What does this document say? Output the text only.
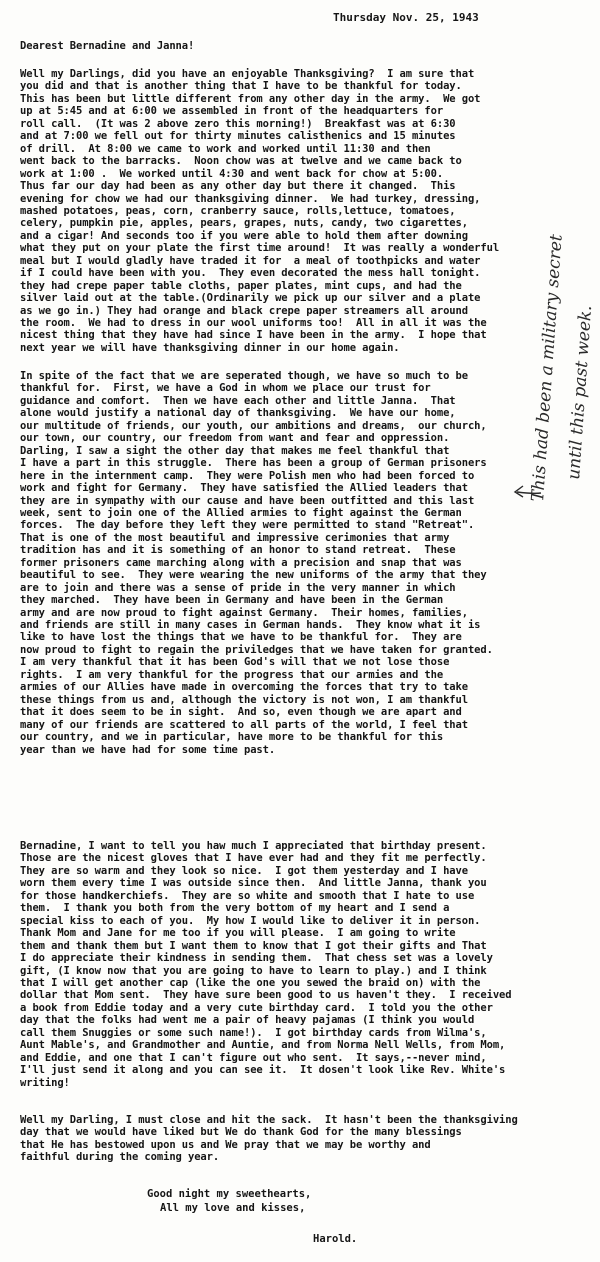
Thursday Nov. 25, 1943
Dearest Bernadine and Janna!
Well my Darlings, did you have an enjoyable Thanksgiving?  I am sure that
you did and that is another thing that I have to be thankful for today.
This has been but little different from any other day in the army.  We got
up at 5:45 and at 6:00 we assembled in front of the headquarters for
roll call.  (It was 2 above zero this morning!)  Breakfast was at 6:30
and at 7:00 we fell out for thirty minutes calisthenics and 15 minutes
of drill.  At 8:00 we came to work and worked until 11:30 and then
went back to the barracks.  Noon chow was at twelve and we came back to
work at 1:00 .  We worked until 4:30 and went back for chow at 5:00.
Thus far our day had been as any other day but there it changed.  This
evening for chow we had our thanksgiving dinner.  We had turkey, dressing,
mashed potatoes, peas, corn, cranberry sauce, rolls,lettuce, tomatoes,
celery, pumpkin pie, apples, pears, grapes, nuts, candy, two cigarettes,
and a cigar! And seconds too if you were able to hold them after downing
what they put on your plate the first time around!  It was really a wonderful
meal but I would gladly have traded it for  a meal of toothpicks and water
if I could have been with you.  They even decorated the mess hall tonight.
they had crepe paper table cloths, paper plates, mint cups, and had the
silver laid out at the table.(Ordinarily we pick up our silver and a plate
as we go in.) They had orange and black crepe paper streamers all around
the room.  We had to dress in our wool uniforms too!  All in all it was the
nicest thing that they have had since I have been in the army.  I hope that
next year we will have thanksgiving dinner in our home again.
In spite of the fact that we are seperated though, we have so much to be
thankful for.  First, we have a God in whom we place our trust for
guidance and comfort.  Then we have each other and little Janna.  That
alone would justify a national day of thanksgiving.  We have our home,
our multitude of friends, our youth, our ambitions and dreams,  our church,
our town, our country, our freedom from want and fear and oppression.
Darling, I saw a sight the other day that makes me feel thankful that
I have a part in this struggle.  There has been a group of German prisoners
here in the internment camp.  They were Polish men who had been forced to
work and fight for Germany.  They have satisfied the Allied leaders that
they are in sympathy with our cause and have been outfitted and this last
week, sent to join one of the Allied armies to fight against the German
forces.  The day before they left they were permitted to stand "Retreat".
That is one of the most beautiful and impressive cerimonies that army
tradition has and it is something of an honor to stand retreat.  These
former prisoners came marching along with a precision and snap that was
beautiful to see.  They were wearing the new uniforms of the army that they
are to join and there was a sense of pride in the very manner in which
they marched.  They have been in Germany and have been in the German
army and are now proud to fight against Germany.  Their homes, families,
and friends are still in many cases in German hands.  They know what it is
like to have lost the things that we have to be thankful for.  They are
now proud to fight to regain the priviledges that we have taken for granted.
I am very thankful that it has been God's will that we not lose those
rights.  I am very thankful for the progress that our armies and the
armies of our Allies have made in overcoming the forces that try to take
these things from us and, although the victory is not won, I am thankful
that it does seem to be in sight.  And so, even though we are apart and
many of our friends are scattered to all parts of the world, I feel that
our country, and we in particular, have more to be thankful for this
year than we have had for some time past.
Bernadine, I want to tell you haw much I appreciated that birthday present.
Those are the nicest gloves that I have ever had and they fit me perfectly.
They are so warm and they look so nice.  I got them yesterday and I have
worn them every time I was outside since then.  And little Janna, thank you
for those handkerchiefs.  They are so white and smooth that I hate to use
them.  I thank you both from the very bottom of my heart and I send a
special kiss to each of you.  My how I would like to deliver it in person.
Thank Mom and Jane for me too if you will please.  I am going to write
them and thank them but I want them to know that I got their gifts and That
I do appreciate their kindness in sending them.  That chess set was a lovely
gift, (I know now that you are going to have to learn to play.) and I think
that I will get another cap (like the one you sewed the braid on) with the
dollar that Mom sent.  They have sure been good to us haven't they.  I received
a book from Eddie today and a very cute birthday card.  I told you the other
day that the folks had went me a pair of heavy pajamas (I think you would
call them Snuggies or some such name!).  I got birthday cards from Wilma's,
Aunt Mable's, and Grandmother and Auntie, and from Norma Nell Wells, from Mom,
and Eddie, and one that I can't figure out who sent.  It says,--never mind,
I'll just send it along and you can see it.  It dosen't look like Rev. White's
writing!
Well my Darling, I must close and hit the sack.  It hasn't been the thanksgiving
day that we would have liked but We do thank God for the many blessings
that He has bestowed upon us and We pray that we may be worthy and
faithful during the coming year.
Good night my sweethearts,
All my love and kisses,
Harold.
This had been a military secret
until this past week.
